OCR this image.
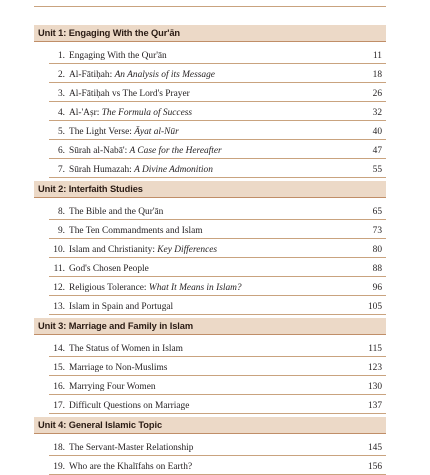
Unit 1: Engaging With the Qur'ān
1. Engaging With the Qur'ān	11
2. Al-Fātiḥah: An Analysis of its Message	18
3. Al-Fātiḥah vs The Lord's Prayer	26
4. Al-'Aṣr: The Formula of Success	32
5. The Light Verse: Āyat al-Nūr	40
6. Sūrah al-Nabā': A Case for the Hereafter	47
7. Sūrah Humazah: A Divine Admonition	55
Unit 2: Interfaith Studies
8. The Bible and the Qur'ān	65
9. The Ten Commandments and Islam	73
10. Islam and Christianity: Key Differences	80
11. God's Chosen People	88
12. Religious Tolerance: What It Means in Islam?	96
13. Islam in Spain and Portugal	105
Unit 3: Marriage and Family in Islam
14. The Status of Women in Islam	115
15. Marriage to Non-Muslims	123
16. Marrying Four Women	130
17. Difficult Questions on Marriage	137
Unit 4: General Islamic Topic
18. The Servant-Master Relationship	145
19. Who are the Khalīfahs on Earth?	156
